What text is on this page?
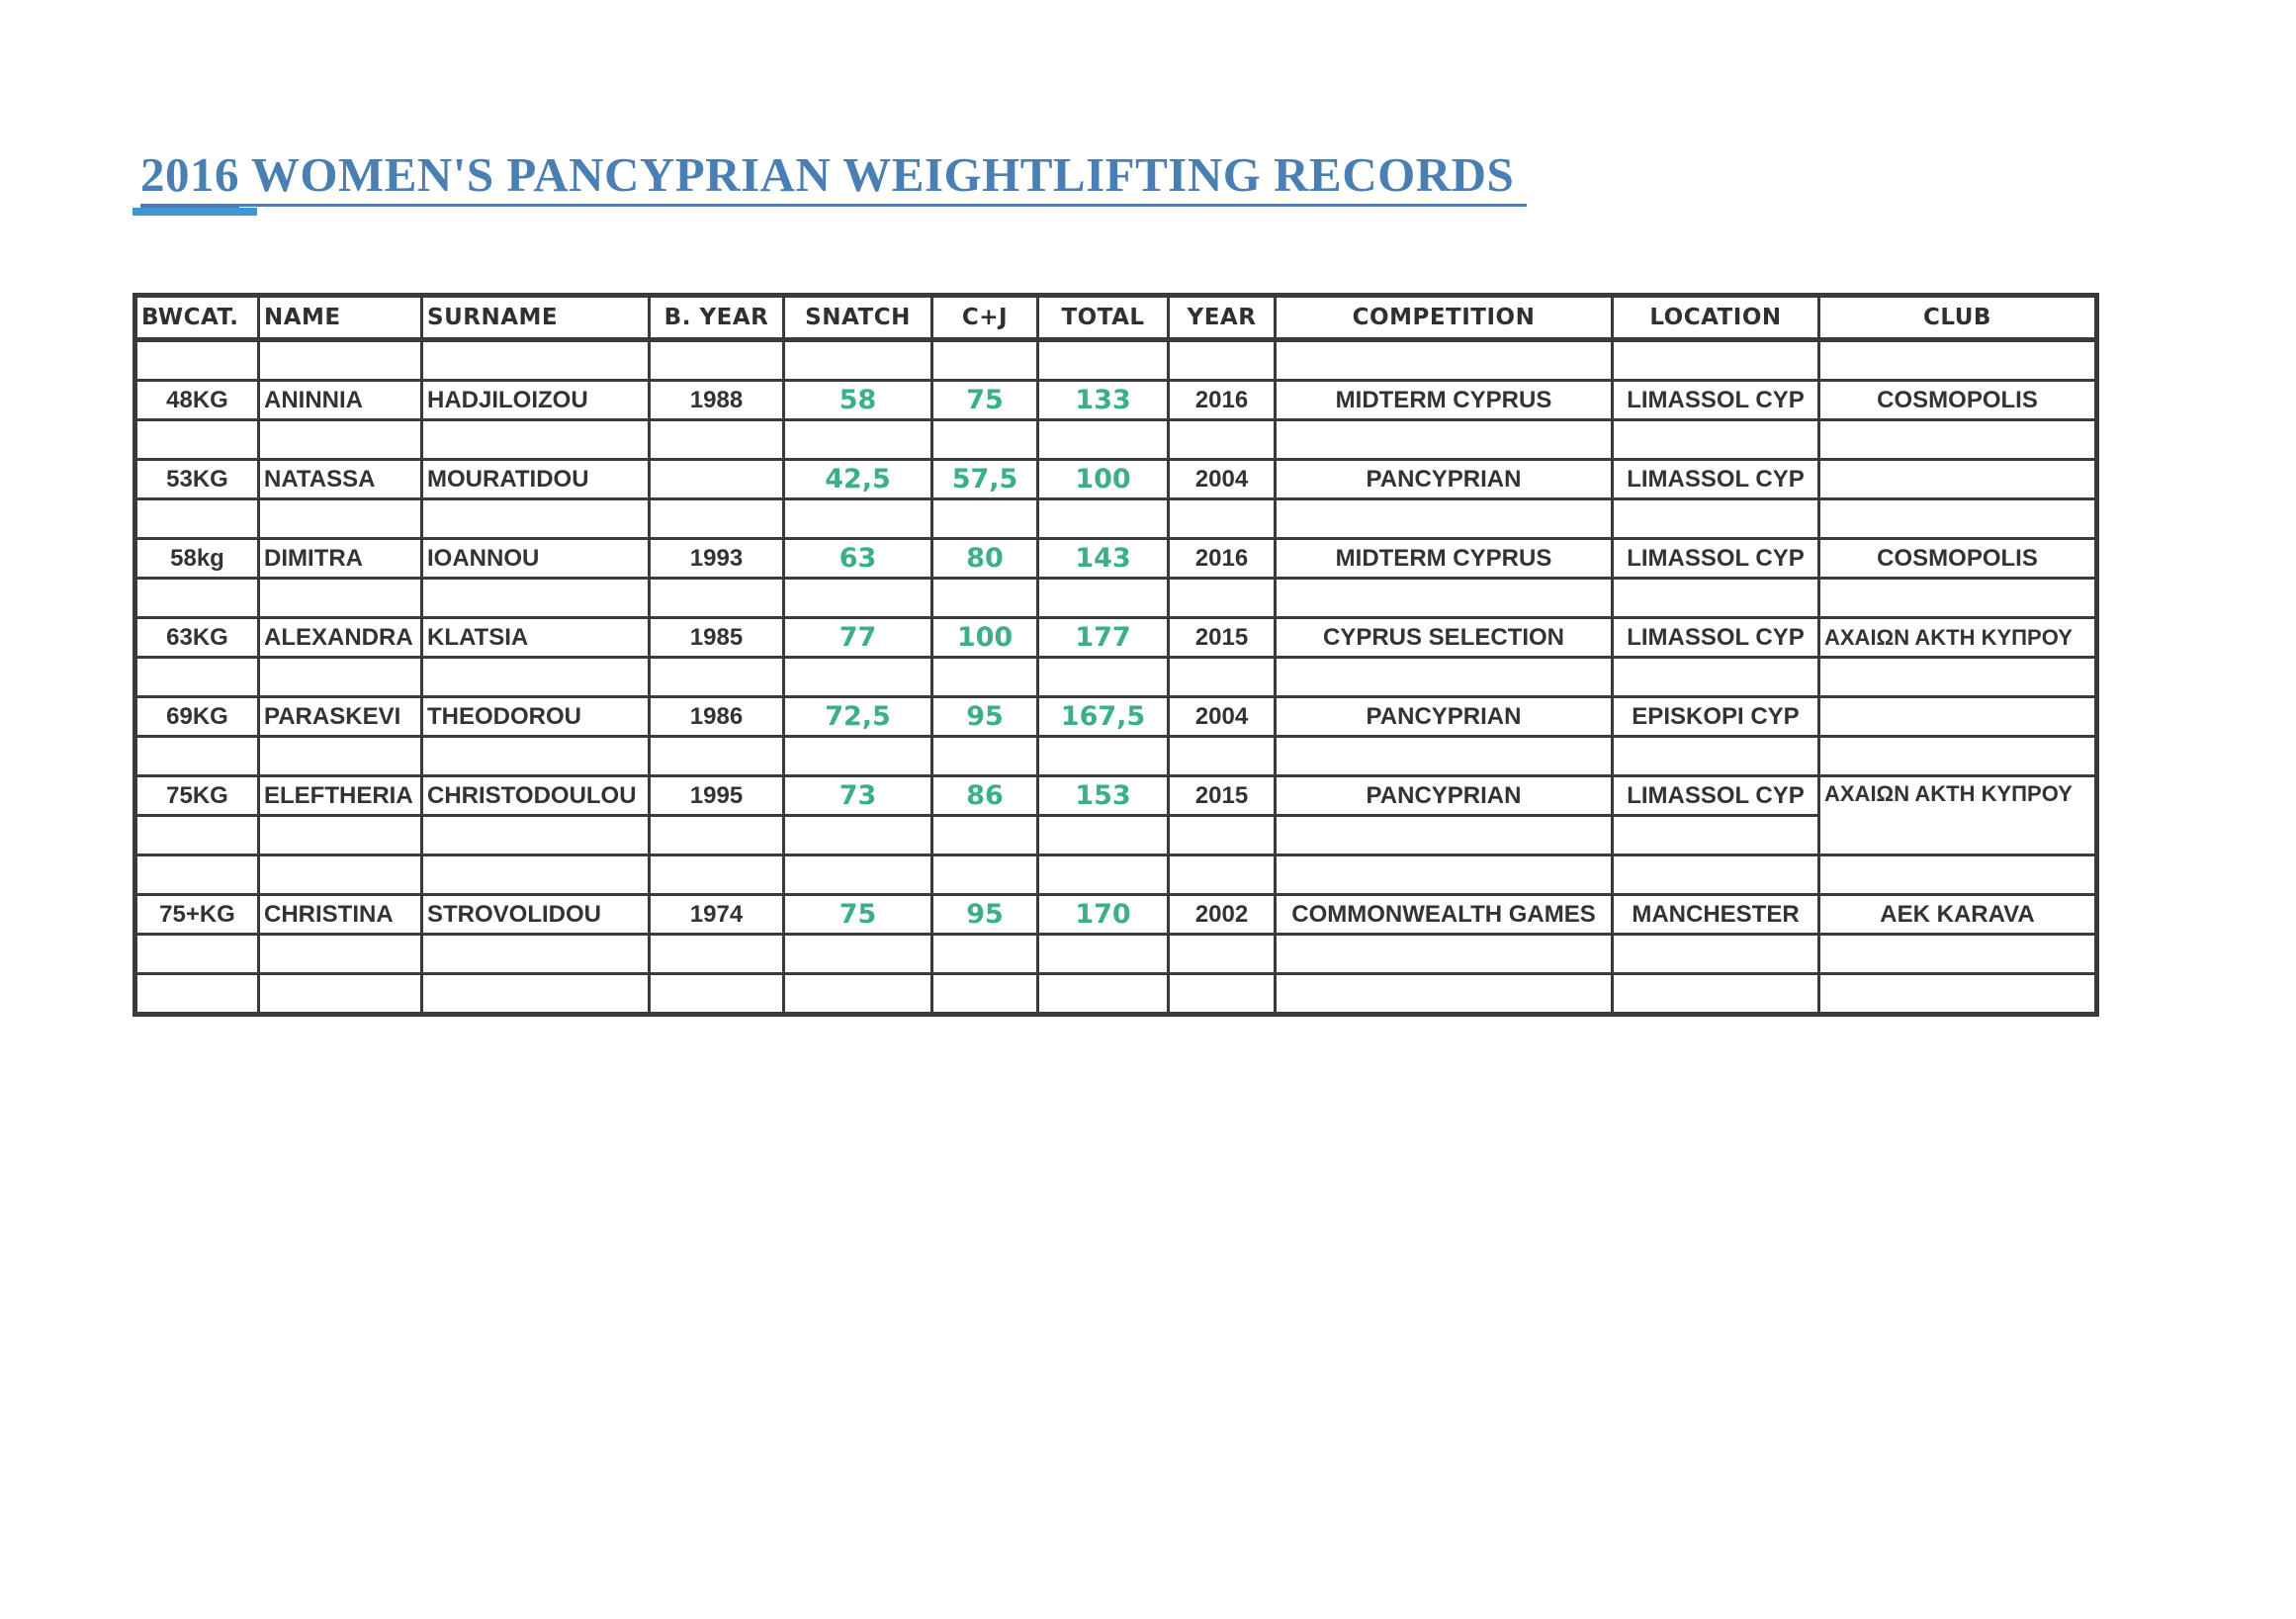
2016 WOMEN'S PANCYPRIAN WEIGHTLIFTING RECORDS
BWCAT.	NAME	SURNAME	B. YEAR	SNATCH	C+J	TOTAL	YEAR	COMPETITION	LOCATION	CLUB

48KG	ANINNIA	HADJILOIZOU	1988	58	75	133	2016	MIDTERM CYPRUS	LIMASSOL CYP	COSMOPOLIS

53KG	NATASSA	MOURATIDOU		42,5	57,5	100	2004	PANCYPRIAN	LIMASSOL CYP	

58kg	DIMITRA	IOANNOU	1993	63	80	143	2016	MIDTERM CYPRUS	LIMASSOL CYP	COSMOPOLIS

63KG	ALEXANDRA	KLATSIA	1985	77	100	177	2015	CYPRUS SELECTION	LIMASSOL CYP	ΑΧΑΙΩΝ ΑΚΤΗ ΚΥΠΡΟΥ

69KG	PARASKEVI	THEODOROU	1986	72,5	95	167,5	2004	PANCYPRIAN	EPISKOPI CYP	

75KG	ELEFTHERIA	CHRISTODOULOU	1995	73	86	153	2015	PANCYPRIAN	LIMASSOL CYP	ΑΧΑΙΩΝ ΑΚΤΗ ΚΥΠΡΟΥ

75+KG	CHRISTINA	STROVOLIDOU	1974	75	95	170	2002	COMMONWEALTH GAMES	MANCHESTER	AEK KARAVA
